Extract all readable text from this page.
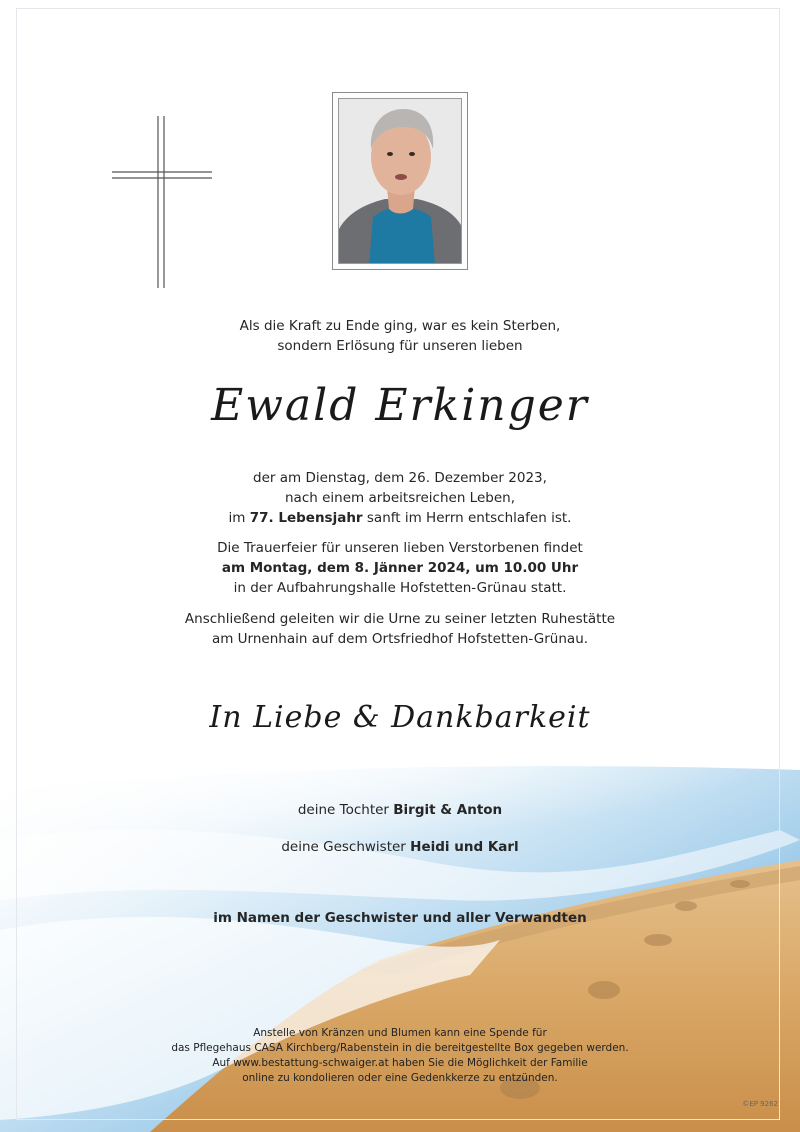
Als die Kraft zu Ende ging, war es kein Sterben,
sondern Erlösung für unseren lieben
Ewald Erkinger
der am Dienstag, dem 26. Dezember 2023,
nach einem arbeitsreichen Leben,
im 77. Lebensjahr sanft im Herrn entschlafen ist.
Die Trauerfeier für unseren lieben Verstorbenen findet
am Montag, dem 8. Jänner 2024, um 10.00 Uhr
in der Aufbahrungshalle Hofstetten-Grünau statt.
Anschließend geleiten wir die Urne zu seiner letzten Ruhestätte
am Urnenhain auf dem Ortsfriedhof Hofstetten-Grünau.
In Liebe & Dankbarkeit
deine Tochter Birgit & Anton
deine Geschwister Heidi und Karl
im Namen der Geschwister und aller Verwandten
Anstelle von Kränzen und Blumen kann eine Spende für
das Pflegehaus CASA Kirchberg/Rabenstein in die bereitgestellte Box gegeben werden.
Auf www.bestattung-schwaiger.at haben Sie die Möglichkeit der Familie
online zu kondolieren oder eine Gedenkkerze zu entzünden.
©EP 9262
